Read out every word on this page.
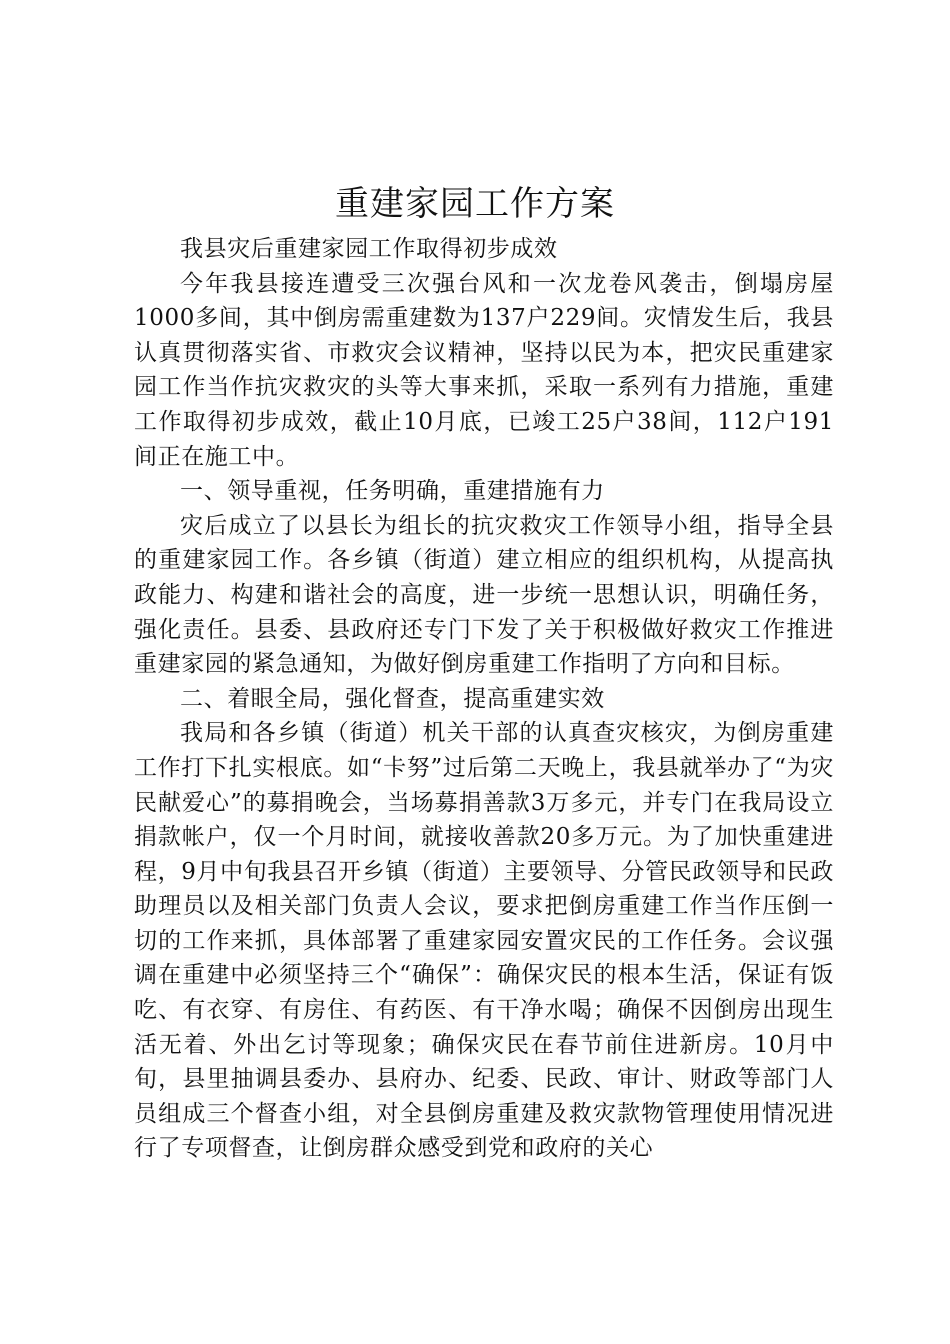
重建家园工作方案

我县灾后重建家园工作取得初步成效

今年我县接连遭受三次强台风和一次龙卷风袭击，倒塌房屋1000多间，其中倒房需重建数为137户229间。灾情发生后，我县认真贯彻落实省、市救灾会议精神，坚持以民为本，把灾民重建家园工作当作抗灾救灾的头等大事来抓，采取一系列有力措施，重建工作取得初步成效，截止10月底，已竣工25户38间，112户191间正在施工中。

一、领导重视，任务明确，重建措施有力

灾后成立了以县长为组长的抗灾救灾工作领导小组，指导全县的重建家园工作。各乡镇（街道）建立相应的组织机构，从提高执政能力、构建和谐社会的高度，进一步统一思想认识，明确任务，强化责任。县委、县政府还专门下发了关于积极做好救灾工作推进重建家园的紧急通知，为做好倒房重建工作指明了方向和目标。

二、着眼全局，强化督查，提高重建实效

我局和各乡镇（街道）机关干部的认真查灾核灾，为倒房重建工作打下扎实根底。如“卡努”过后第二天晚上，我县就举办了“为灾民献爱心”的募捐晚会，当场募捐善款3万多元，并专门在我局设立捐款帐户，仅一个月时间，就接收善款20多万元。为了加快重建进程，9月中旬我县召开乡镇（街道）主要领导、分管民政领导和民政助理员以及相关部门负责人会议，要求把倒房重建工作当作压倒一切的工作来抓，具体部署了重建家园安置灾民的工作任务。会议强调在重建中必须坚持三个“确保”：确保灾民的根本生活，保证有饭吃、有衣穿、有房住、有药医、有干净水喝；确保不因倒房出现生活无着、外出乞讨等现象；确保灾民在春节前住进新房。10月中旬，县里抽调县委办、县府办、纪委、民政、审计、财政等部门人员组成三个督查小组，对全县倒房重建及救灾款物管理使用情况进行了专项督查，让倒房群众感受到党和政府的关心
